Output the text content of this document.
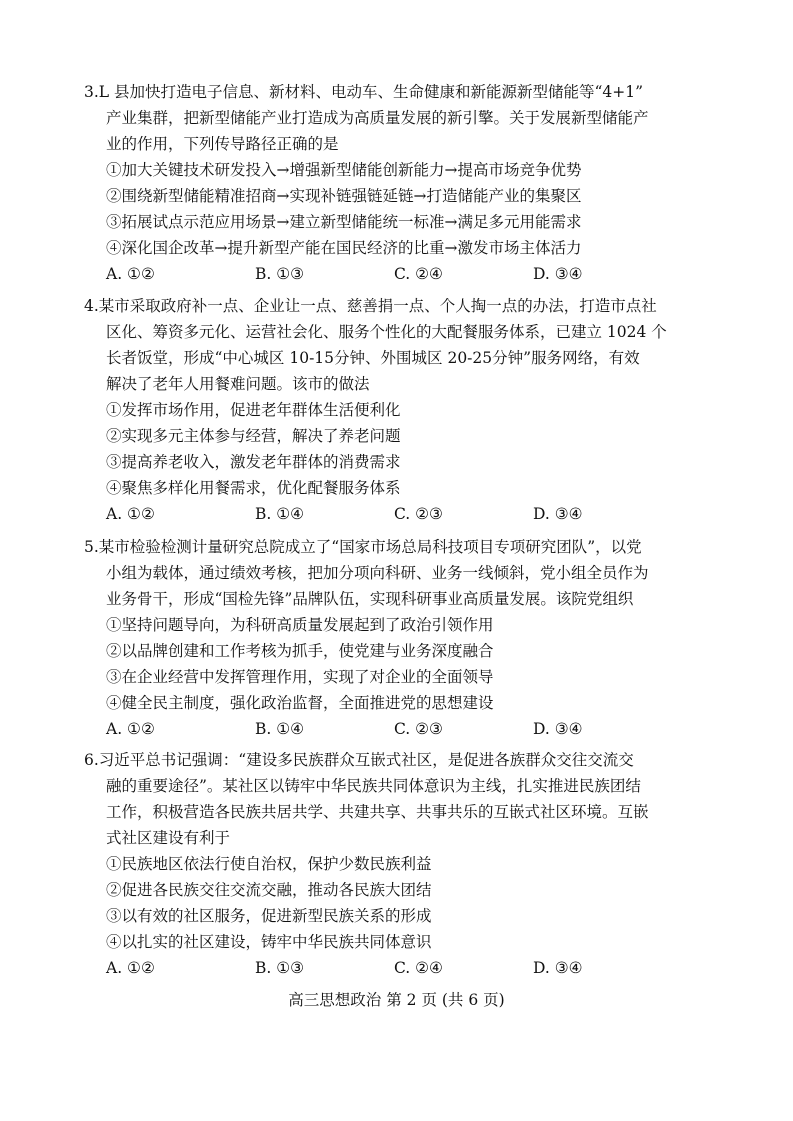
3.L 县加快打造电子信息、新材料、电动车、生命健康和新能源新型储能等“4+1”
产业集群，把新型储能产业打造成为高质量发展的新引擎。关于发展新型储能产
业的作用，下列传导路径正确的是
①加大关键技术研发投入→增强新型储能创新能力→提高市场竞争优势
②围绕新型储能精准招商→实现补链强链延链→打造储能产业的集聚区
③拓展试点示范应用场景→建立新型储能统一标准→满足多元用能需求
④深化国企改革→提升新型产能在国民经济的比重→激发市场主体活力
A. ①②	B. ①③	C. ②④	D. ③④
4.某市采取政府补一点、企业让一点、慈善捐一点、个人掏一点的办法，打造市点社
区化、筹资多元化、运营社会化、服务个性化的大配餐服务体系，已建立 1024 个
长者饭堂，形成“中心城区 10-15分钟、外围城区 20-25分钟”服务网络，有效
解决了老年人用餐难问题。该市的做法
①发挥市场作用，促进老年群体生活便利化
②实现多元主体参与经营，解决了养老问题
③提高养老收入，激发老年群体的消费需求
④聚焦多样化用餐需求，优化配餐服务体系
A. ①②	B. ①④	C. ②③	D. ③④
5.某市检验检测计量研究总院成立了“国家市场总局科技项目专项研究团队”，以党
小组为载体，通过绩效考核，把加分项向科研、业务一线倾斜，党小组全员作为
业务骨干，形成“国检先锋”品牌队伍，实现科研事业高质量发展。该院党组织
①坚持问题导向，为科研高质量发展起到了政治引领作用
②以品牌创建和工作考核为抓手，使党建与业务深度融合
③在企业经营中发挥管理作用，实现了对企业的全面领导
④健全民主制度，强化政治监督，全面推进党的思想建设
A. ①②	B. ①④	C. ②③	D. ③④
6.习近平总书记强调：“建设多民族群众互嵌式社区，是促进各族群众交往交流交
融的重要途径”。某社区以铸牢中华民族共同体意识为主线，扎实推进民族团结
工作，积极营造各民族共居共学、共建共享、共事共乐的互嵌式社区环境。互嵌
式社区建设有利于
①民族地区依法行使自治权，保护少数民族利益
②促进各民族交往交流交融，推动各民族大团结
③以有效的社区服务，促进新型民族关系的形成
④以扎实的社区建设，铸牢中华民族共同体意识
A. ①②	B. ①③	C. ②④	D. ③④
高三思想政治 第 2 页 (共 6 页)
